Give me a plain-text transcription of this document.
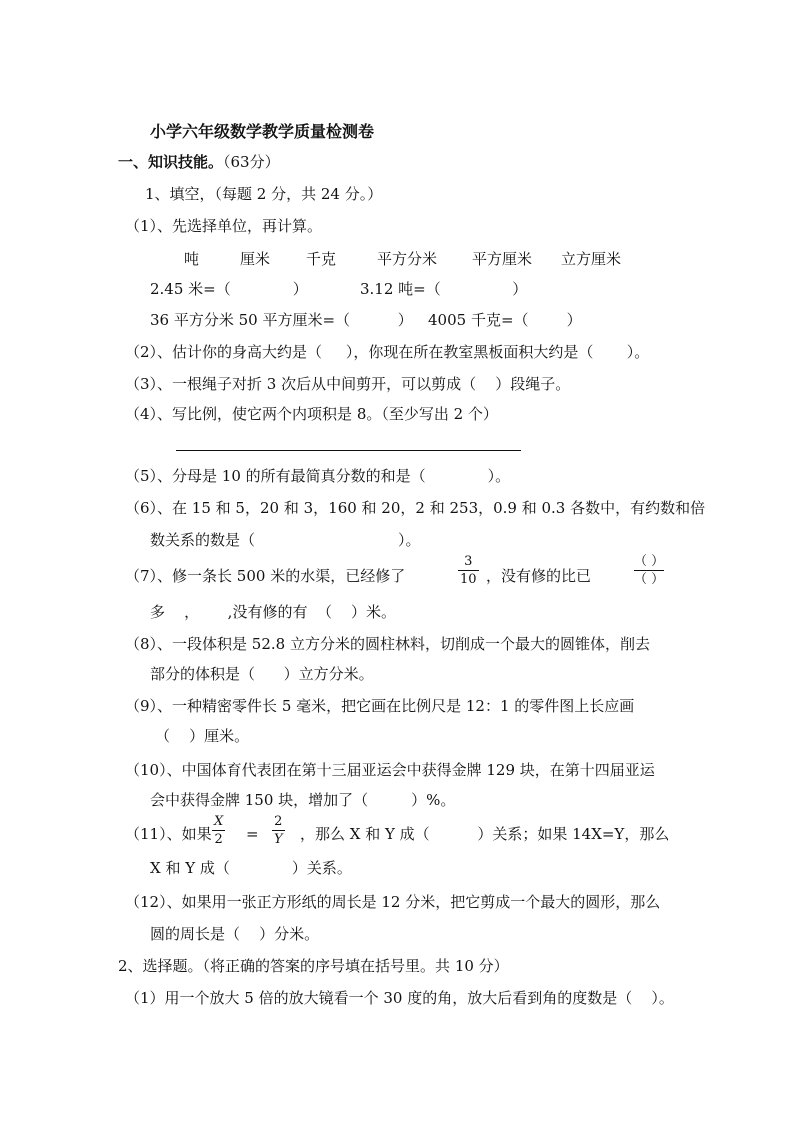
小学六年级数学教学质量检测卷
一、知识技能。（63分）
1、填空，（每题 2 分，共 24 分。）
（1）、先选择单位，再计算。
吨	厘米 千克	平方分米 平方厘米 立方厘米
2.45 米=（             ）	3.12 吨=（               ）
36 平方分米 50 平方厘米=（          ） 4005 千克=（        ）
（2）、估计你的身高大约是（     ），你现在所在教室黑板面积大约是（       ）。
（3）、一根绳子对折 3 次后从中间剪开，可以剪成（    ）段绳子。
（4）、写比例，使它两个内项积是 8。（至少写出 2 个）
（5）、分母是 10 的所有最简真分数的和是（             ）。
（6）、在 15 和 5，20 和 3，160 和 20，2 和 253，0.9 和 0.3 各数中，有约数和倍
数关系的数是（                              ）。
（7）、修一条长 500 米的水渠，已经修了
3
10 ，没有修的比已
（ ）
（ ）
多    ，      ,没有修的有  （    ）米。
（8）、一段体积是 52.8 立方分米的圆柱林料，切削成一个最大的圆锥体，削去
部分的体积是（      ）立方分米。
（9）、一种精密零件长 5 毫米，把它画在比例尺是 12：1 的零件图上长应画
（    ）厘米。
（10）、中国体育代表团在第十三届亚运会中获得金牌 129 块，在第十四届亚运
会中获得金牌 150 块，增加了（         ）%。
（11）、如果
X
2 =
2
Y ，那么 X 和 Y 成（          ）关系；如果 14X=Y，那么
X 和 Y 成（             ）关系。
（12）、如果用一张正方形纸的周长是 12 分米，把它剪成一个最大的圆形，那么
圆的周长是（    ）分米。
2、选择题。（将正确的答案的序号填在括号里。共 10 分）
（1）用一个放大 5 倍的放大镜看一个 30 度的角，放大后看到角的度数是（    ）。
